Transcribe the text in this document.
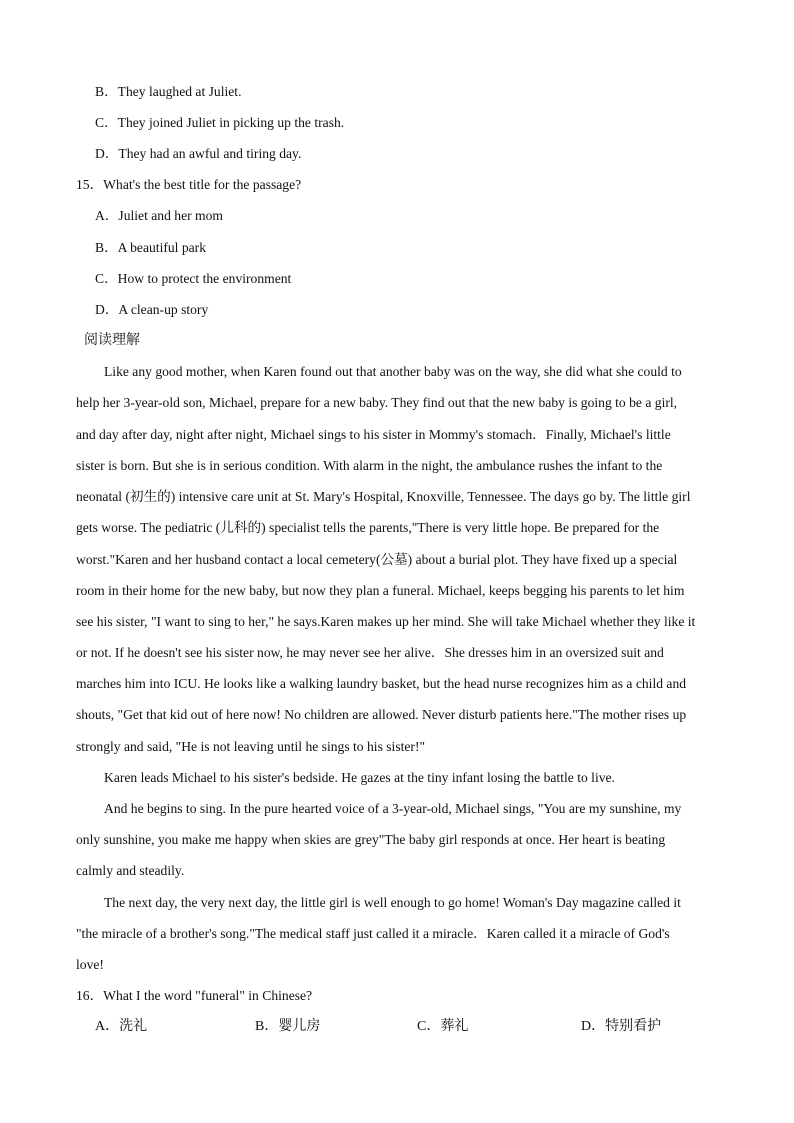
B．They laughed at Juliet.
C．They joined Juliet in picking up the trash.
D．They had an awful and tiring day.
15．What's the best title for the passage?
A．Juliet and her mom
B．A beautiful park
C．How to protect the environment
D．A clean-up story
阅读理解
Like any good mother, when Karen found out that another baby was on the way, she did what she could to
help her 3-year-old son, Michael, prepare for a new baby. They find out that the new baby is going to be a girl,
and day after day, night after night, Michael sings to his sister in Mommy's stomach．Finally, Michael's little
sister is born. But she is in serious condition. With alarm in the night, the ambulance rushes the infant to the
neonatal (初生的) intensive care unit at St. Mary's Hospital, Knoxville, Tennessee. The days go by. The little girl
gets worse. The pediatric (儿科的) specialist tells the parents,"There is very little hope. Be prepared for the
worst."Karen and her husband contact a local cemetery(公墓) about a burial plot. They have fixed up a special
room in their home for the new baby, but now they plan a funeral. Michael, keeps begging his parents to let him
see his sister, "I want to sing to her," he says.Karen makes up her mind. She will take Michael whether they like it
or not. If he doesn't see his sister now, he may never see her alive．She dresses him in an oversized suit and
marches him into ICU. He looks like a walking laundry basket, but the head nurse recognizes him as a child and
shouts, "Get that kid out of here now! No children are allowed. Never disturb patients here."The mother rises up
strongly and said, "He is not leaving until he sings to his sister!"
Karen leads Michael to his sister's bedside. He gazes at the tiny infant losing the battle to live.
And he begins to sing. In the pure hearted voice of a 3-year-old, Michael sings, "You are my sunshine, my
only sunshine, you make me happy when skies are grey"The baby girl responds at once. Her heart is beating
calmly and steadily.
The next day, the very next day, the little girl is well enough to go home! Woman's Day magazine called it
"the miracle of a brother's song."The medical staff just called it a miracle．Karen called it a miracle of God's
love!
16．What I the word "funeral" in Chinese?
A．洗礼	B．婴儿房	C．葬礼	D．特别看护
